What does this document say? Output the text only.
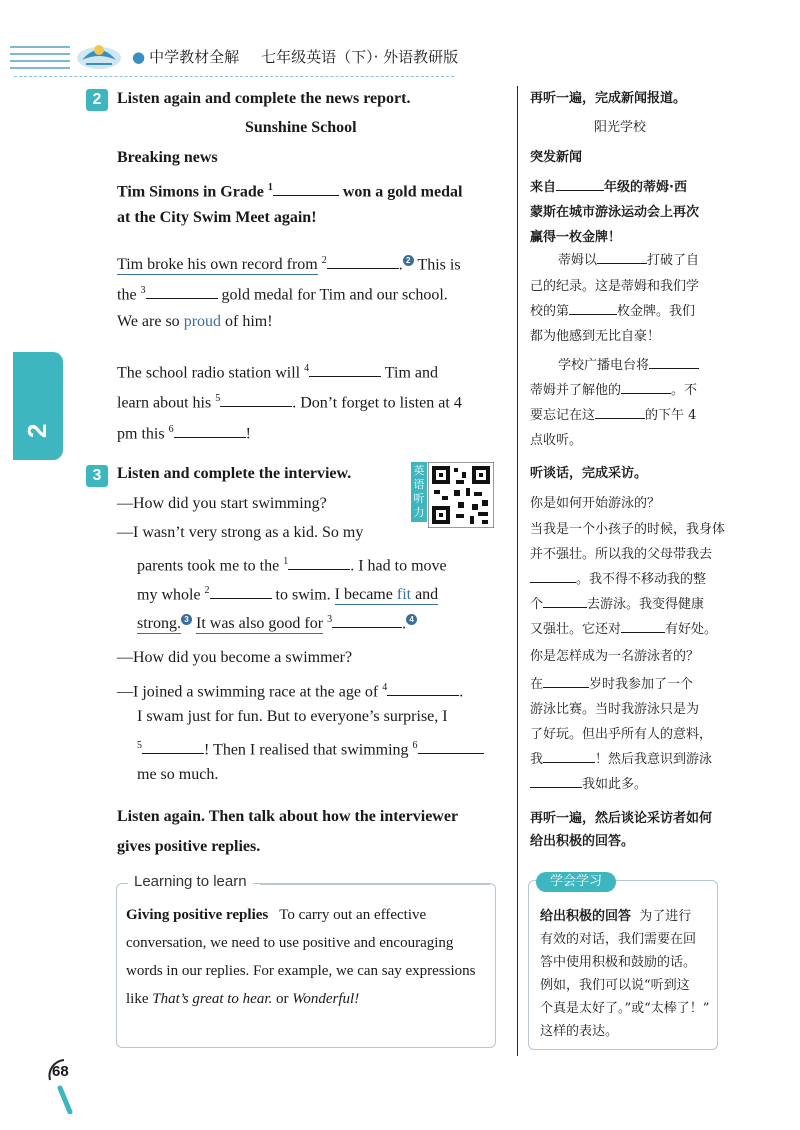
● 中学教材全解 七年级英语（下）· 外语教研版
Unit
2
2 Listen again and complete the news report.
Sunshine School
Breaking news
Tim Simons in Grade $^1$	won a gold medal
at the City Swim Meet again!
Tim broke his own record from $^2$	. 2 This is
the $^3$	gold medal for Tim and our school.
We are so proud of him!
The school radio station will $^4$	Tim and
learn about his $^5$	. Don’t forget to listen at 4
pm this $^6$	!
3 Listen and complete the interview.	英语听力
—How did you start swimming?
—I wasn’t very strong as a kid. So my
parents took me to the $^1$	. I had to move
my whole $^2$	to swim. I became fit and
strong. 3 It was also good for $^3$	. 4
—How did you become a swimmer?
—I joined a swimming race at the age of $^4$	.
I swam just for fun. But to everyone’s surprise, I
$^5$	! Then I realised that swimming $^6$
me so much.
Listen again. Then talk about how the interviewer
gives positive replies.
Learning to learn
Giving positive replies To carry out an effective
conversation, we need to use positive and encouraging
words in our replies. For example, we can say expressions
like That’s great to hear. or Wonderful!
再听一遍，完成新闻报道。
阳光学校
突发新闻
来自	年级的蒂姆·西
蒙斯在城市游泳运动会上再次
赢得一枚金牌！
蒂姆以	打破了自
己的纪录。这是蒂姆和我们学
校的第	枚金牌。我们
都为他感到无比自豪！
学校广播电台将
蒂姆并了解他的	。不
要忘记在这	的下午 4
点收听。
听谈话，完成采访。
你是如何开始游泳的？
当我是一个小孩子的时候，我身体
并不强壮。所以我的父母带我去
。我不得不移动我的整
个	去游泳。我变得健康
又强壮。它还对	有好处。
你是怎样成为一名游泳者的？
在	岁时我参加了一个
游泳比赛。当时我游泳只是为
了好玩。但出乎所有人的意料，
我	！然后我意识到游泳
我如此多。
再听一遍，然后谈论采访者如何
给出积极的回答。
学会学习
给出积极的回答 为了进行
有效的对话，我们需要在回
答中使用积极和鼓励的话。
例如，我们可以说“听到这
个真是太好了。”或“太棒了！”
这样的表达。
68
